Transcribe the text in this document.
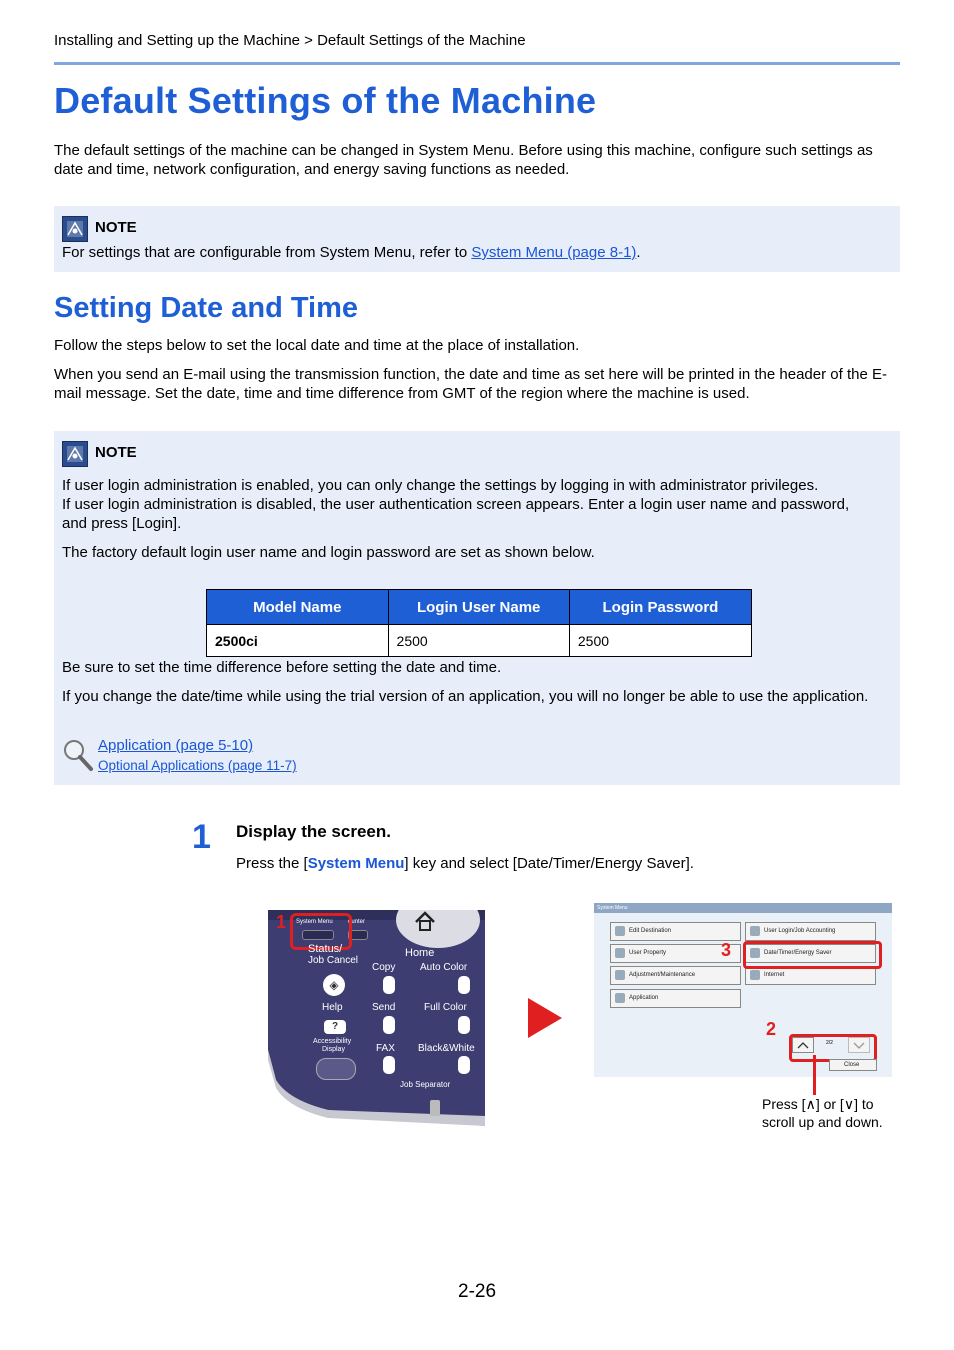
Installing and Setting up the Machine > Default Settings of the Machine
Default Settings of the Machine
The default settings of the machine can be changed in System Menu. Before using this machine, configure such settings as date and time, network configuration, and energy saving functions as needed.
NOTE
For settings that are configurable from System Menu, refer to System Menu (page 8-1).
Setting Date and Time
Follow the steps below to set the local date and time at the place of installation.
When you send an E-mail using the transmission function, the date and time as set here will be printed in the header of the E-mail message. Set the date, time and time difference from GMT of the region where the machine is used.
NOTE
If user login administration is enabled, you can only change the settings by logging in with administrator privileges.
If user login administration is disabled, the user authentication screen appears. Enter a login user name and password, and press [Login].
The factory default login user name and login password are set as shown below.
Model Name	Login User Name	Login Password
2500ci	2500	2500
Be sure to set the time difference before setting the date and time.
If you change the date/time while using the trial version of an application, you will no longer be able to use the application.
Application (page 5-10)
Optional Applications (page 11-7)
1 Display the screen.
Press the [System Menu] key and select [Date/Timer/Energy Saver].
System Menu	ounter
1
Status/
Job Cancel
Home
Copy Auto Color
◈
Help	Send	Full Color
?
Accessibility
Display	FAX Black&White
Job Separator
System Menu
Edit Destination
User Property
Adjustment/Maintenance
Application
User Login/Job Accounting
Date/Timer/Energy Saver
Internet
3
2/2
2
Close
Press [∧] or [∨] to
scroll up and down.
2-26
